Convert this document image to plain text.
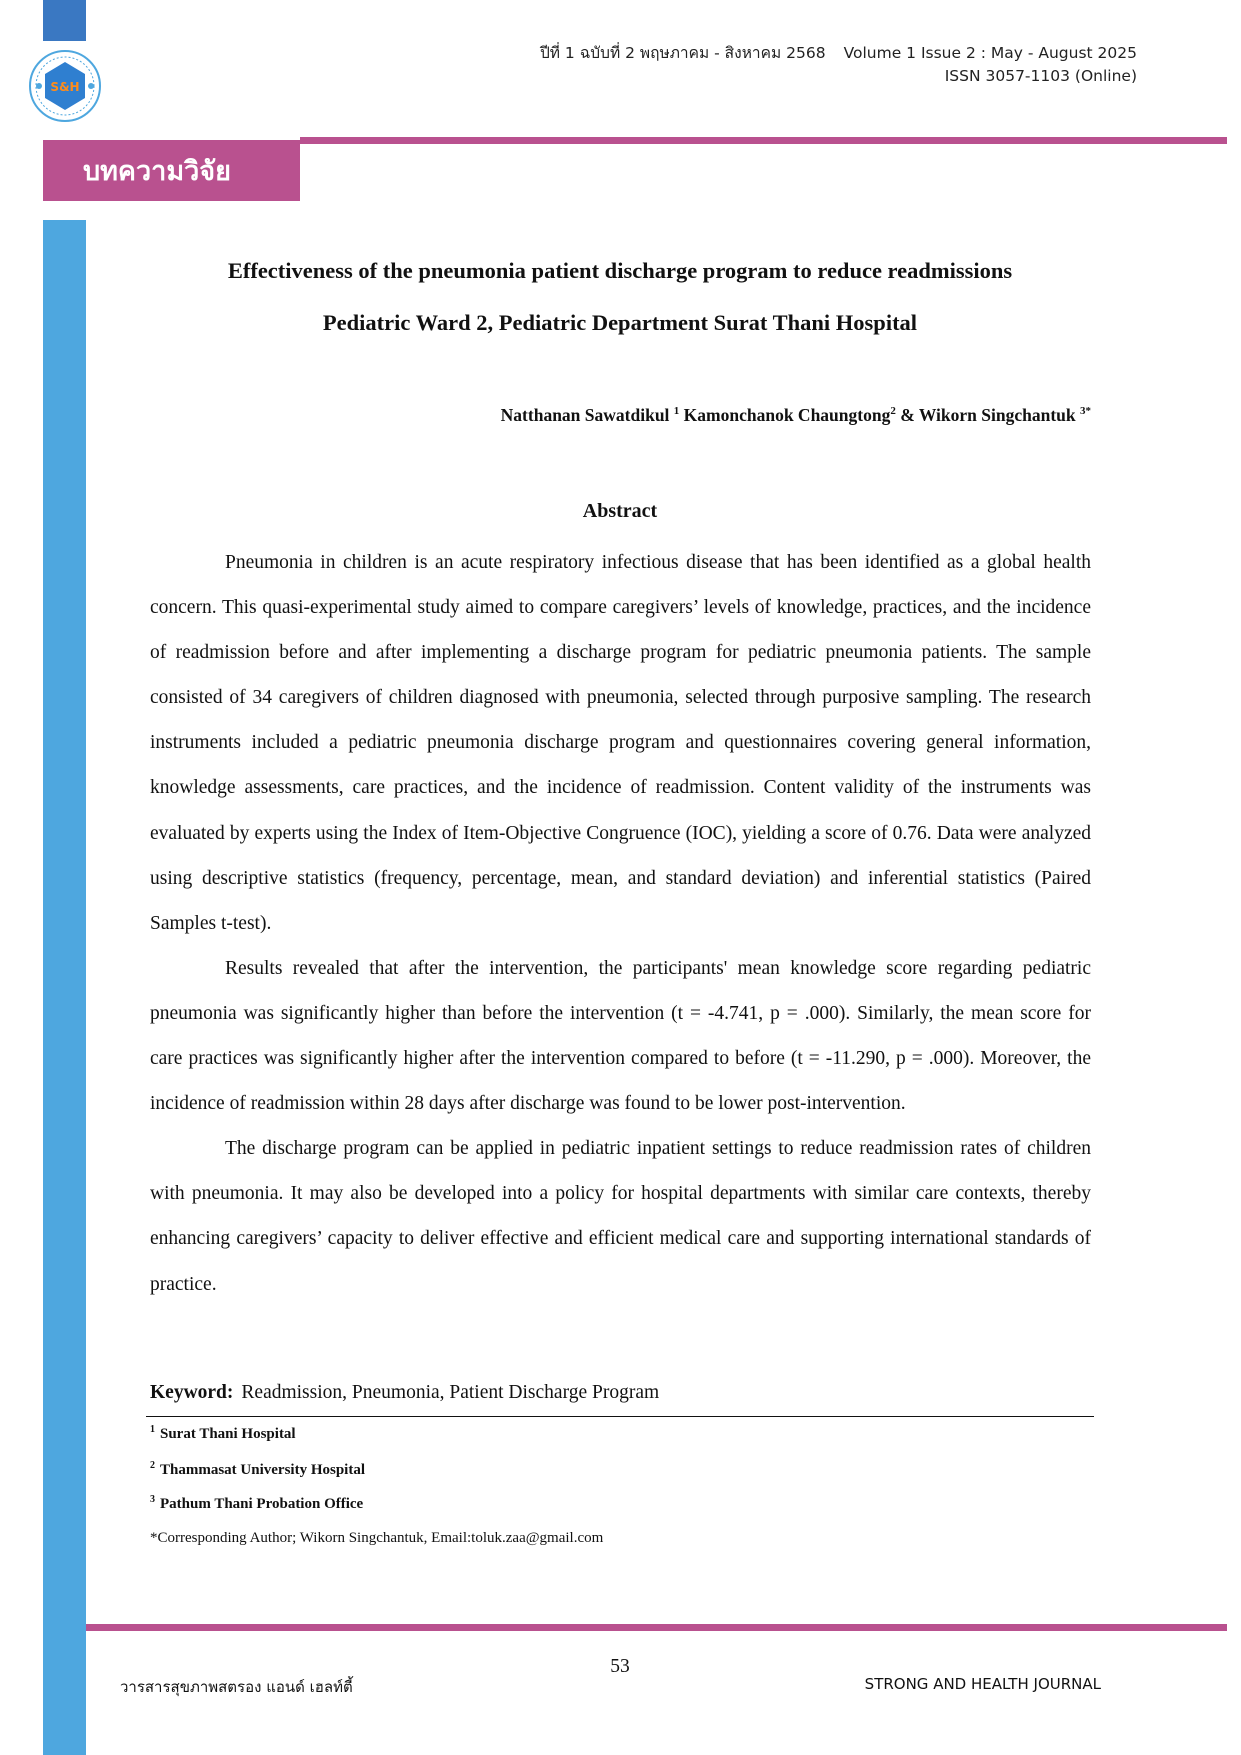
S&H
ปีที่ 1 ฉบับที่ 2 พฤษภาคม - สิงหาคม 2568 Volume 1 Issue 2 : May - August 2025
ISSN 3057-1103 (Online)
บทความวิจัย
Effectiveness of the pneumonia patient discharge program to reduce readmissions
Pediatric Ward 2, Pediatric Department Surat Thani Hospital
Natthanan Sawatdikul $^1$ Kamonchanok Chaungtong$^2$ & Wikorn Singchantuk $^{3*}$
Abstract

Pneumonia in children is an acute respiratory infectious disease that has been identified as a global health concern. This quasi-experimental study aimed to compare caregivers’ levels of knowledge, practices, and the incidence of readmission before and after implementing a discharge program for pediatric pneumonia patients. The sample consisted of 34 caregivers of children diagnosed with pneumonia, selected through purposive sampling. The research instruments included a pediatric pneumonia discharge program and questionnaires covering general information, knowledge assessments, care practices, and the incidence of readmission. Content validity of the instruments was evaluated by experts using the Index of Item-Objective Congruence (IOC), yielding a score of 0.76. Data were analyzed using descriptive statistics (frequency, percentage, mean, and standard deviation) and inferential statistics (Paired Samples t-test).

Results revealed that after the intervention, the participants' mean knowledge score regarding pediatric pneumonia was significantly higher than before the intervention (t = -4.741, p = .000). Similarly, the mean score for care practices was significantly higher after the intervention compared to before (t = -11.290, p = .000). Moreover, the incidence of readmission within 28 days after discharge was found to be lower post-intervention.

The discharge program can be applied in pediatric inpatient settings to reduce readmission rates of children with pneumonia. It may also be developed into a policy for hospital departments with similar care contexts, thereby enhancing caregivers’ capacity to deliver effective and efficient medical care and supporting international standards of practice.

Keyword: Readmission, Pneumonia, Patient Discharge Program
$^1$ Surat Thani Hospital
$^2$ Thammasat University Hospital
$^3$ Pathum Thani Probation Office
*Corresponding Author; Wikorn Singchantuk, Email:toluk.zaa@gmail.com
53
วารสารสุขภาพสตรอง แอนด์ เฮลท์ตี้	STRONG AND HEALTH JOURNAL
